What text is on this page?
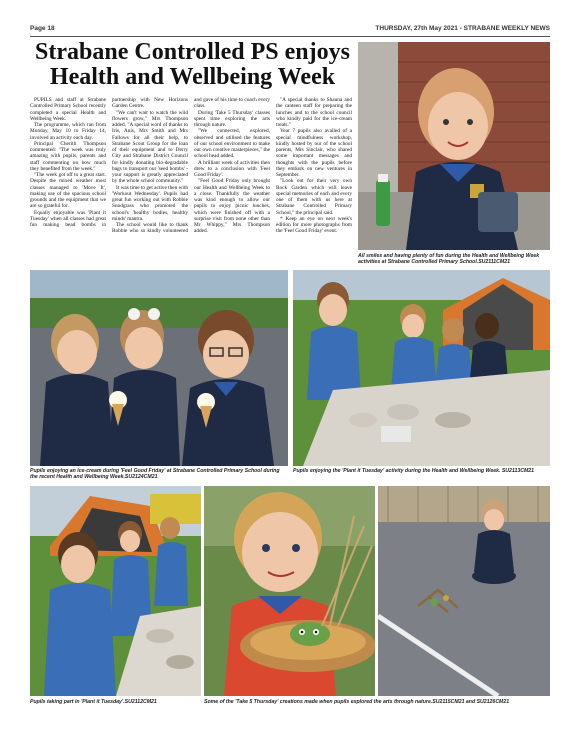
Page 18	THURSDAY, 27th May 2021 - STRABANE WEEKLY NEWS
Strabane Controlled PS enjoys Health and Wellbeing Week

PUPILS and staff at Strabane Controlled Primary School recently completed a special Health and Wellbeing Week.

The programme, which ran from Monday, May 10 to Friday 14, involved an activity each day.

Principal Cherith Thompson commented: "The week was truly amazing with pupils, parents and staff commenting on how much they benefited from the week."

"The week got off to a great start. Despite the mixed weather most classes managed to 'Move It', making use of the spacious school grounds and the equipment that we are so grateful for.

Equally enjoyable was 'Plant it Tuesday' when all classes had great fun making bead bombs in partnership with New Horizons Garden Centre.

"We can't wait to watch the wild flowers grow," Mrs Thompson added. "A special word of thanks to Iris, Anis, Mrs Smith and Mrs Fallows for all their help, to Strabane Scout Group for the loan of their equipment and to Derry City and Strabane District Council for kindly donating bio-degradable bags to transport our 'seed bombs' - your support is greatly appreciated by the whole school community."

It was time to get active then with 'Workout Wednesday'. Pupils had great fun working out with Robbie Snodgrass who promoted the school's 'healthy bodies, healthy minds' mantra.

The school would like to thank Robbie who so kindly volunteered and gave of his time to coach every class.

During 'Take 5 Thursday' classes spent time exploring the arts through nature.

"We connected, explored, observed and utilised the features of our school environment to make our own creative masterpieces," the school head added.

A brilliant week of activities then drew to a conclusion with 'Feel Good Friday'.

"Feel Good Friday only brought our Health and Wellbeing Week to a close. Thankfully the weather was kind enough to allow our pupils to enjoy picnic lunches, which were finished off with a surprise visit from none other than Mr Whippy," Mrs Thompson added.

"A special thanks to Shauna and the canteen staff for preparing the lunches and to the school council who kindly paid for the ice-cream treats."

Year 7 pupils also availed of a special mindfulness workshop, kindly hosted by our of the school parents, Mrs Sinclair, who shared some important messages and thoughts with the pupils before they embark on new ventures in September.

"Look out for their very own Rock Garden which will leave special memories of each and every one of them with us here at Strabane Controlled Primary School," the principal said.

* Keep an eye on next week's edition for more photographs from the 'Feel Good Friday' event.

All smiles and having plenty of fun during the Health and Wellbeing Week activities at Strabane Controlled Primary School.SU2111CM21
Pupils enjoying an ice-cream during 'Feel Good Friday' at Strabane Controlled Primary School during the recent Health and Wellbeing Week.SU2124CM21
Pupils enjoying the 'Plant it Tuesday' activity during the Health and Wellbeing Week. SU2113CM21
Pupils taking part in 'Plant it Tuesday'.SU2112CM21	Some of the 'Take 5 Thursday' creations made when pupils explored the arts through nature.SU2115CM21 and SU2126CM21
